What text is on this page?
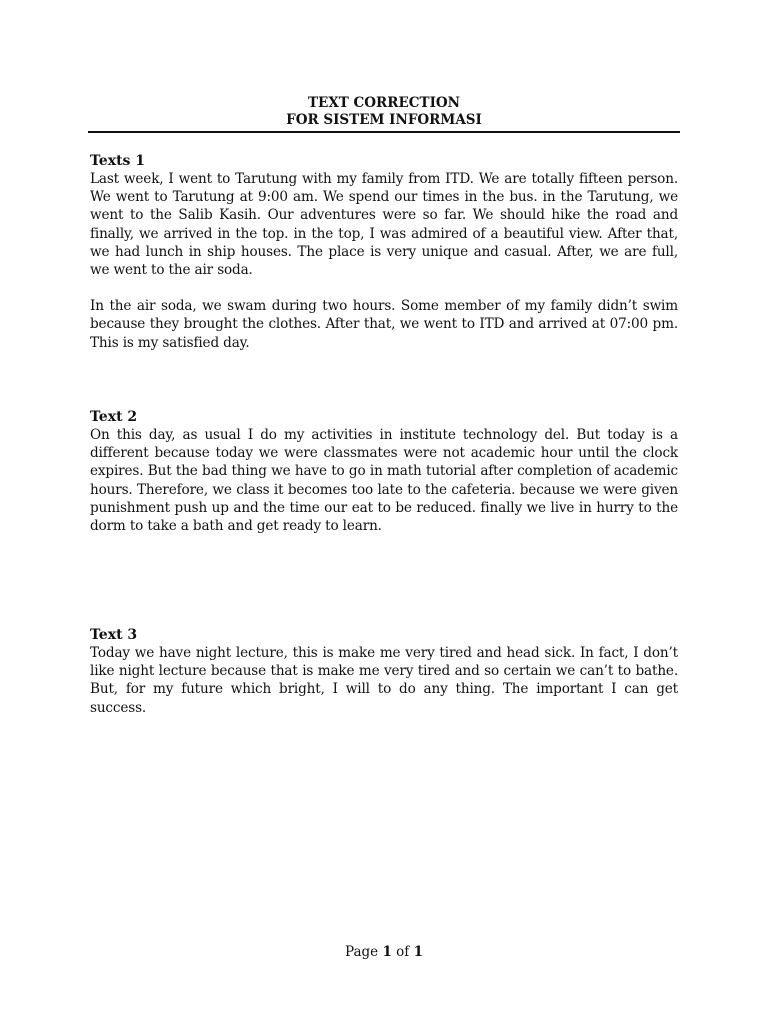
TEXT CORRECTION
FOR SISTEM INFORMASI

Texts 1

Last week, I went to Tarutung with my family from ITD. We are totally fifteen person. We went to Tarutung at 9:00 am. We spend our times in the bus. in the Tarutung, we went to the Salib Kasih. Our adventures were so far. We should hike the road and finally, we arrived in the top. in the top, I was admired of a beautiful view. After that, we had lunch in ship houses. The place is very unique and casual. After, we are full, we went to the air soda.

In the air soda, we swam during two hours. Some member of my family didn’t swim because they brought the clothes. After that, we went to ITD and arrived at 07:00 pm. This is my satisfied day.

Text 2

On this day, as usual I do my activities in institute technology del. But today is a different because today we were classmates were not academic hour until the clock expires. But the bad thing we have to go in math tutorial after completion of academic hours. Therefore, we class it becomes too late to the cafeteria. because we were given punishment push up and the time our eat to be reduced. finally we live in hurry to the dorm to take a bath and get ready to learn.

Text 3

Today we have night lecture, this is make me very tired and head sick. In fact, I don’t like night lecture because that is make me very tired and so certain we can’t to bathe. But, for my future which bright, I will to do any thing. The important I can get success.

Page 1 of 1
